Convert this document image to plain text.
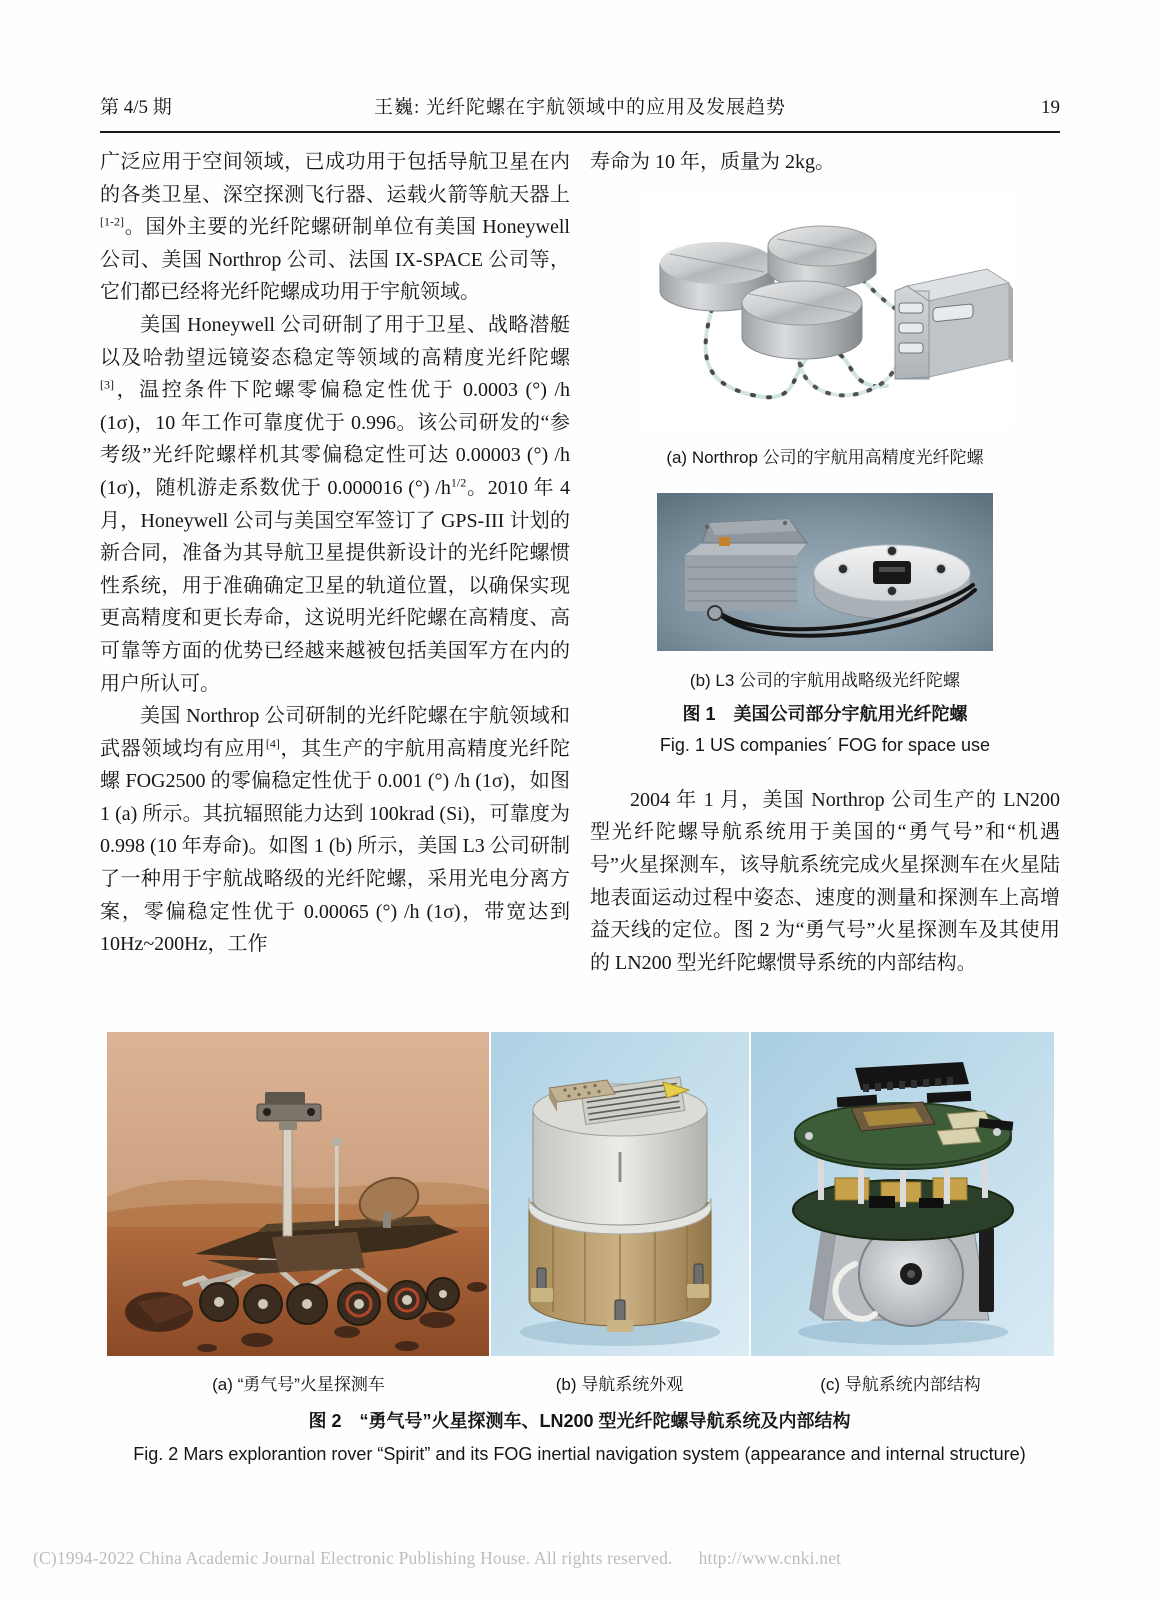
第 4/5 期	王巍: 光纤陀螺在宇航领域中的应用及发展趋势	19

广泛应用于空间领域，已成功用于包括导航卫星在内的各类卫星、深空探测飞行器、运载火箭等航天器上[1-2]。国外主要的光纤陀螺研制单位有美国 Honeywell 公司、美国 Northrop 公司、法国 IX-SPACE 公司等，它们都已经将光纤陀螺成功用于宇航领域。

美国 Honeywell 公司研制了用于卫星、战略潜艇以及哈勃望远镜姿态稳定等领域的高精度光纤陀螺[3]，温控条件下陀螺零偏稳定性优于 0.0003 (°) /h (1σ)，10 年工作可靠度优于 0.996。该公司研发的“参考级”光纤陀螺样机其零偏稳定性可达 0.00003 (°) /h (1σ)，随机游走系数优于 0.000016 (°) $/h^{1/2}$。2010 年 4 月，Honeywell 公司与美国空军签订了 GPS-III 计划的新合同，准备为其导航卫星提供新设计的光纤陀螺惯性系统，用于准确确定卫星的轨道位置，以确保实现更高精度和更长寿命，这说明光纤陀螺在高精度、高可靠等方面的优势已经越来越被包括美国军方在内的用户所认可。

美国 Northrop 公司研制的光纤陀螺在宇航领域和武器领域均有应用[4]，其生产的宇航用高精度光纤陀螺 FOG2500 的零偏稳定性优于 0.001 (°) /h (1σ)，如图 1 (a) 所示。其抗辐照能力达到 100krad (Si)，可靠度为 0.998 (10 年寿命)。如图 1 (b) 所示，美国 L3 公司研制了一种用于宇航战略级的光纤陀螺，采用光电分离方案，零偏稳定性优于 0.00065 (°) /h (1σ)，带宽达到 10Hz~200Hz，工作

寿命为 10 年，质量为 2kg。

(a) Northrop 公司的宇航用高精度光纤陀螺
(b) L3 公司的宇航用战略级光纤陀螺
图 1　美国公司部分宇航用光纤陀螺
Fig. 1 US companies´ FOG for space use

2004 年 1 月，美国 Northrop 公司生产的 LN200 型光纤陀螺导航系统用于美国的“勇气号”和“机遇号”火星探测车，该导航系统完成火星探测车在火星陆地表面运动过程中姿态、速度的测量和探测车上高增益天线的定位。图 2 为“勇气号”火星探测车及其使用的 LN200 型光纤陀螺惯导系统的内部结构。

(a) “勇气号”火星探测车	(b) 导航系统外观	(c) 导航系统内部结构
图 2　“勇气号”火星探测车、LN200 型光纤陀螺导航系统及内部结构
Fig. 2 Mars explorantion rover “Spirit” and its FOG inertial navigation system (appearance and internal structure)
(C)1994-2022 China Academic Journal Electronic Publishing House. All rights reserved. http://www.cnki.net
